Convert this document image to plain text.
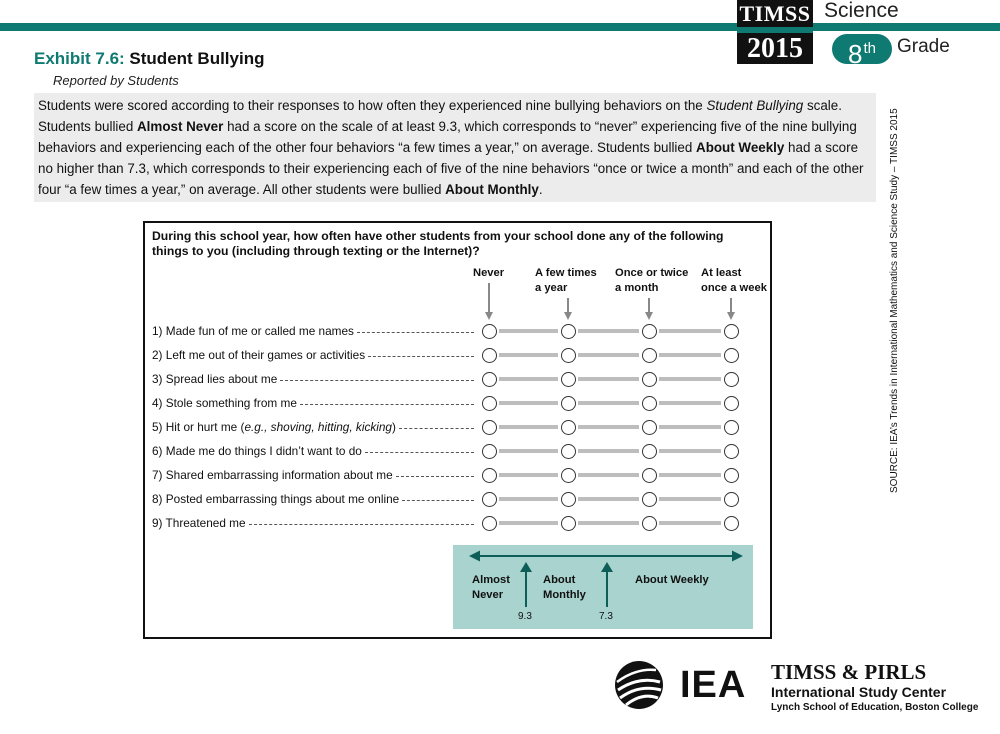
TIMSS
2015
Science
8th	Grade
Exhibit 7.6: Student Bullying
Reported by Students
Students were scored according to their responses to how often they experienced nine bullying behaviors on the Student Bullying scale. Students bullied Almost Never had a score on the scale of at least 9.3, which corresponds to “never” experiencing five of the nine bullying behaviors and experiencing each of the other four behaviors “a few times a year,” on average. Students bullied About Weekly had a score no higher than 7.3, which corresponds to their experiencing each of five of the nine behaviors “once or twice a month” and each of the other four “a few times a year,” on average. All other students were bullied About Monthly.	SOURCE: IEA’s Trends in International Mathematics and Science Study – TIMSS 2015
During this school year, how often have other students from your school done any of the following things to you (including through texting or the Internet)?
Never	A few times
a year
Once or twice
a month
At least
once a week
1) Made fun of me or called me names
2) Left me out of their games or activities
3) Spread lies about me
4) Stole something from me
5) Hit or hurt me (e.g., shoving, hitting, kicking)
6) Made me do things I didn’t want to do
7) Shared embarrassing information about me
8) Posted embarrassing things about me online
9) Threatened me
Almost
Never
About
Monthly
About Weekly
9.3	7.3
IEA TIMSS & PIRLS
International Study Center
Lynch School of Education, Boston College
